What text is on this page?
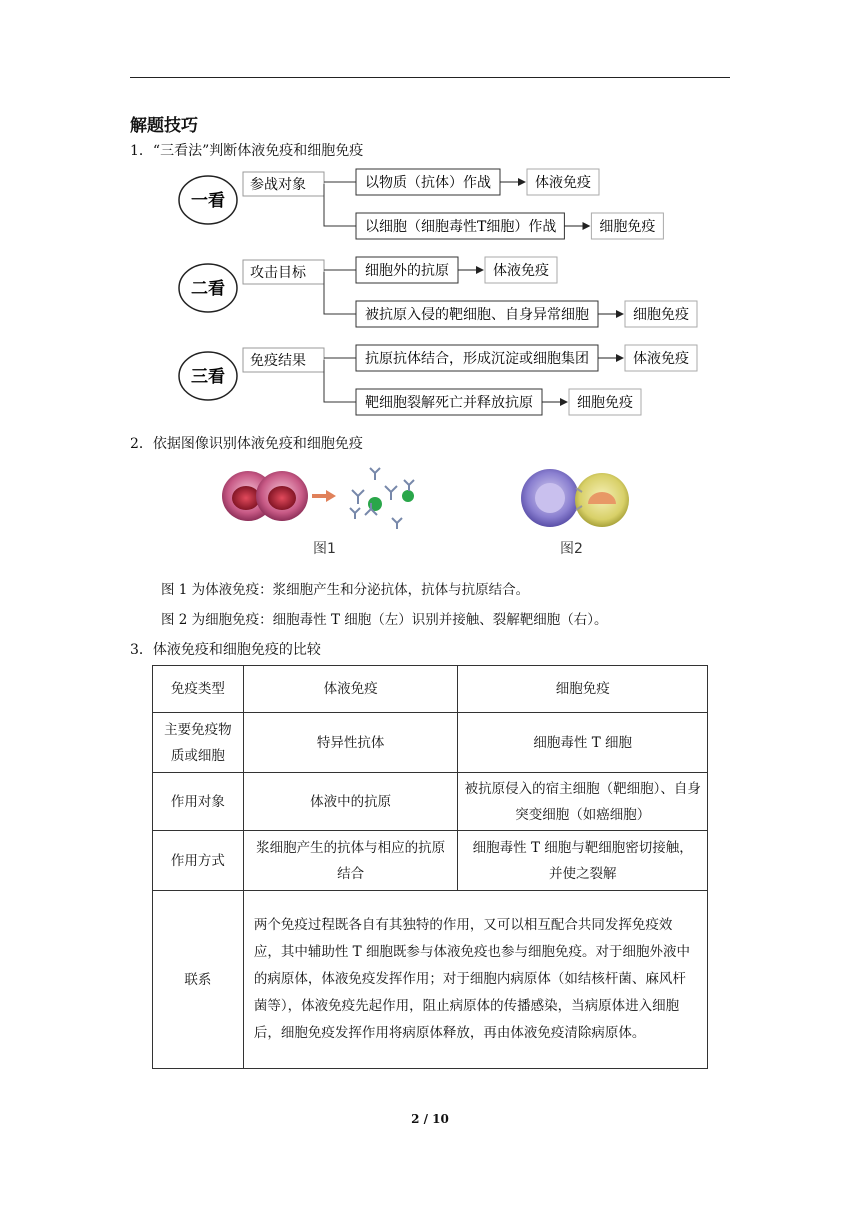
解题技巧
1．“三看法”判断体液免疫和细胞免疫
一看
参战对象	以物质（抗体）作战	体液免疫
以细胞（细胞毒性T细胞）作战	细胞免疫
二看
攻击目标	细胞外的抗原	体液免疫
被抗原入侵的靶细胞、自身异常细胞	细胞免疫
三看
免疫结果	抗原抗体结合，形成沉淀或细胞集团	体液免疫
靶细胞裂解死亡并释放抗原	细胞免疫
2．依据图像识别体液免疫和细胞免疫
图1	图2
图 1 为体液免疫：浆细胞产生和分泌抗体，抗体与抗原结合。
图 2 为细胞免疫：细胞毒性 T 细胞（左）识别并接触、裂解靶细胞（右）。
3．体液免疫和细胞免疫的比较
免疫类型	体液免疫	细胞免疫
主要免疫物质或细胞	特异性抗体	细胞毒性 T 细胞
作用对象	体液中的抗原	被抗原侵入的宿主细胞（靶细胞）、自身突变细胞（如癌细胞）
作用方式	浆细胞产生的抗体与相应的抗原结合	细胞毒性 T 细胞与靶细胞密切接触，并使之裂解
联系	两个免疫过程既各自有其独特的作用，又可以相互配合共同发挥免疫效应，其中辅助性 T 细胞既参与体液免疫也参与细胞免疫。对于细胞外液中的病原体，体液免疫发挥作用；对于细胞内病原体（如结核杆菌、麻风杆菌等），体液免疫先起作用，阻止病原体的传播感染，当病原体进入细胞后，细胞免疫发挥作用将病原体释放，再由体液免疫清除病原体。	
2 / 10
